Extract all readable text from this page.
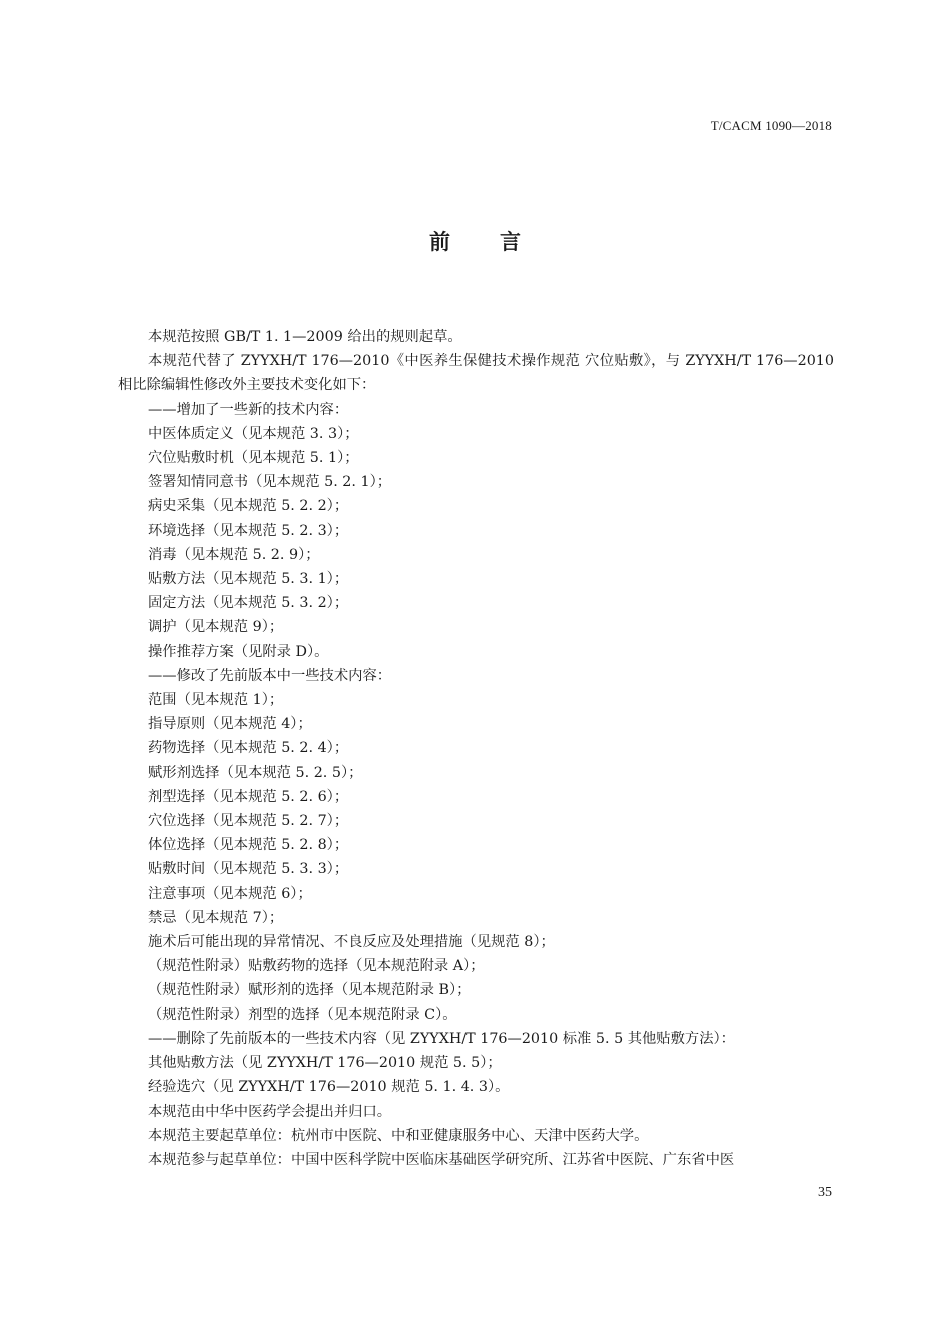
T/CACM 1090—2018
前言
本规范按照 GB/T 1. 1—2009 给出的规则起草。
本规范代替了 ZYYXH/T 176—2010《中医养生保健技术操作规范 穴位贴敷》，与 ZYYXH/T 176—2010 相比除编辑性修改外主要技术变化如下：
——增加了一些新的技术内容：
中医体质定义（见本规范 3. 3）；
穴位贴敷时机（见本规范 5. 1）；
签署知情同意书（见本规范 5. 2. 1）；
病史采集（见本规范 5. 2. 2）；
环境选择（见本规范 5. 2. 3）；
消毒（见本规范 5. 2. 9）；
贴敷方法（见本规范 5. 3. 1）；
固定方法（见本规范 5. 3. 2）；
调护（见本规范 9）；
操作推荐方案（见附录 D）。
——修改了先前版本中一些技术内容：
范围（见本规范 1）；
指导原则（见本规范 4）；
药物选择（见本规范 5. 2. 4）；
赋形剂选择（见本规范 5. 2. 5）；
剂型选择（见本规范 5. 2. 6）；
穴位选择（见本规范 5. 2. 7）；
体位选择（见本规范 5. 2. 8）；
贴敷时间（见本规范 5. 3. 3）；
注意事项（见本规范 6）；
禁忌（见本规范 7）；
施术后可能出现的异常情况、不良反应及处理措施（见规范 8）；
（规范性附录）贴敷药物的选择（见本规范附录 A）；
（规范性附录）赋形剂的选择（见本规范附录 B）；
（规范性附录）剂型的选择（见本规范附录 C）。
——删除了先前版本的一些技术内容（见 ZYYXH/T 176—2010 标准 5. 5 其他贴敷方法）：
其他贴敷方法（见 ZYYXH/T 176—2010 规范 5. 5）；
经验选穴（见 ZYYXH/T 176—2010 规范 5. 1. 4. 3）。
本规范由中华中医药学会提出并归口。
本规范主要起草单位：杭州市中医院、中和亚健康服务中心、天津中医药大学。
本规范参与起草单位：中国中医科学院中医临床基础医学研究所、江苏省中医院、广东省中医
35
